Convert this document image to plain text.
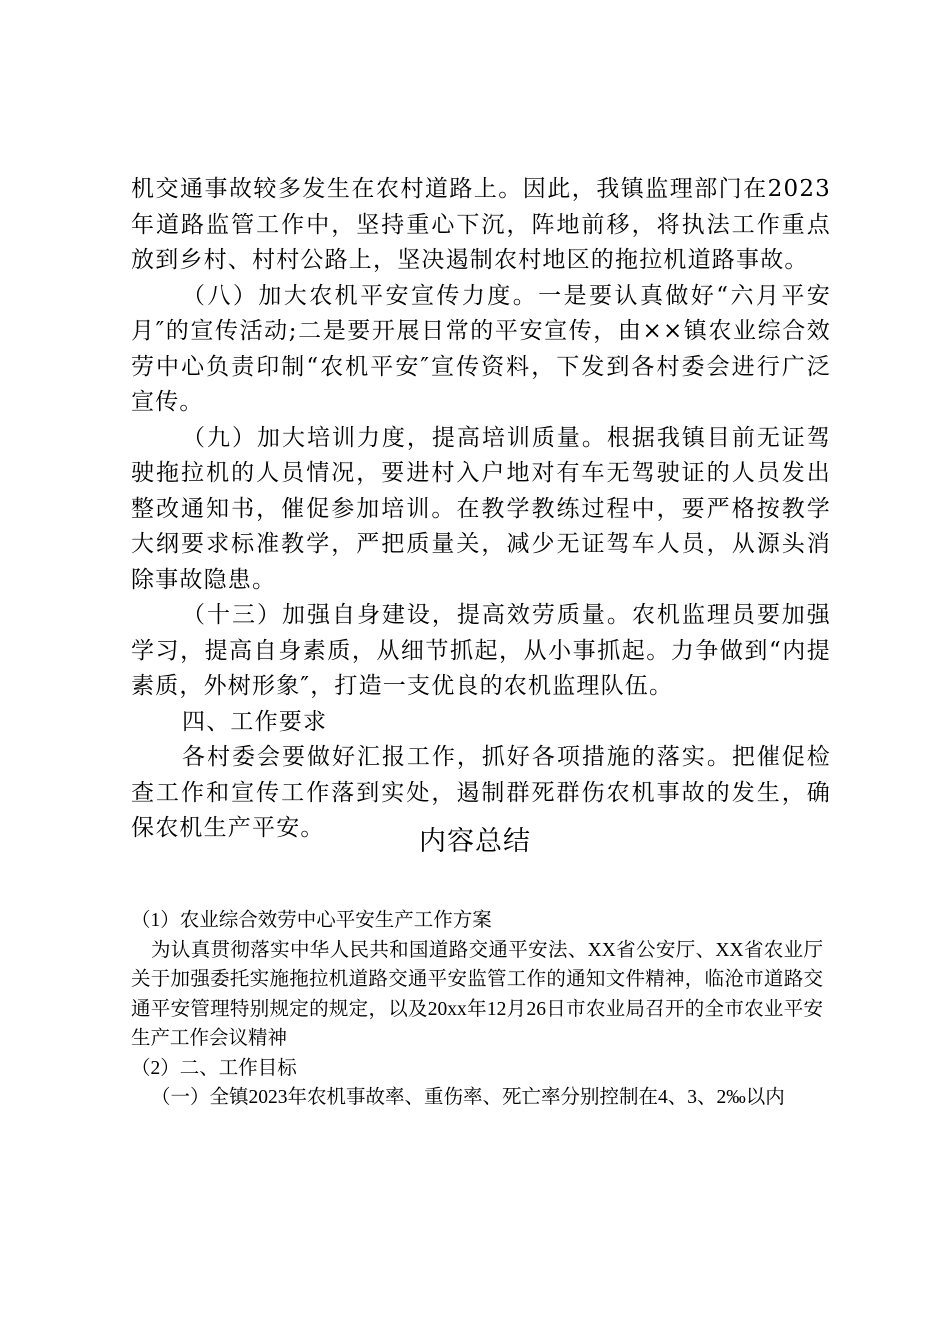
机交通事故较多发生在农村道路上。因此，我镇监理部门在2023年道路监管工作中，坚持重心下沉，阵地前移，将执法工作重点放到乡村、村村公路上，坚决遏制农村地区的拖拉机道路事故。

（八）加大农机平安宣传力度。一是要认真做好“六月平安月″的宣传活动;二是要开展日常的平安宣传，由××镇农业综合效劳中心负责印制“农机平安″宣传资料，下发到各村委会进行广泛宣传。

（九）加大培训力度，提高培训质量。根据我镇目前无证驾驶拖拉机的人员情况，要进村入户地对有车无驾驶证的人员发出整改通知书，催促参加培训。在教学教练过程中，要严格按教学大纲要求标准教学，严把质量关，减少无证驾车人员，从源头消除事故隐患。

（十三）加强自身建设，提高效劳质量。农机监理员要加强学习，提高自身素质，从细节抓起，从小事抓起。力争做到“内提素质，外树形象″，打造一支优良的农机监理队伍。

四、工作要求

各村委会要做好汇报工作，抓好各项措施的落实。把催促检查工作和宣传工作落到实处，遏制群死群伤农机事故的发生，确保农机生产平安。	内容总结

（1）农业综合效劳中心平安生产工作方案

为认真贯彻落实中华人民共和国道路交通平安法、XX省公安厅、XX省农业厅关于加强委托实施拖拉机道路交通平安监管工作的通知文件精神，临沧市道路交通平安管理特别规定的规定，以及20xx年12月26日市农业局召开的全市农业平安生产工作会议精神

（2）二、工作目标

（一）全镇2023年农机事故率、重伤率、死亡率分别控制在4、3、2‰以内
